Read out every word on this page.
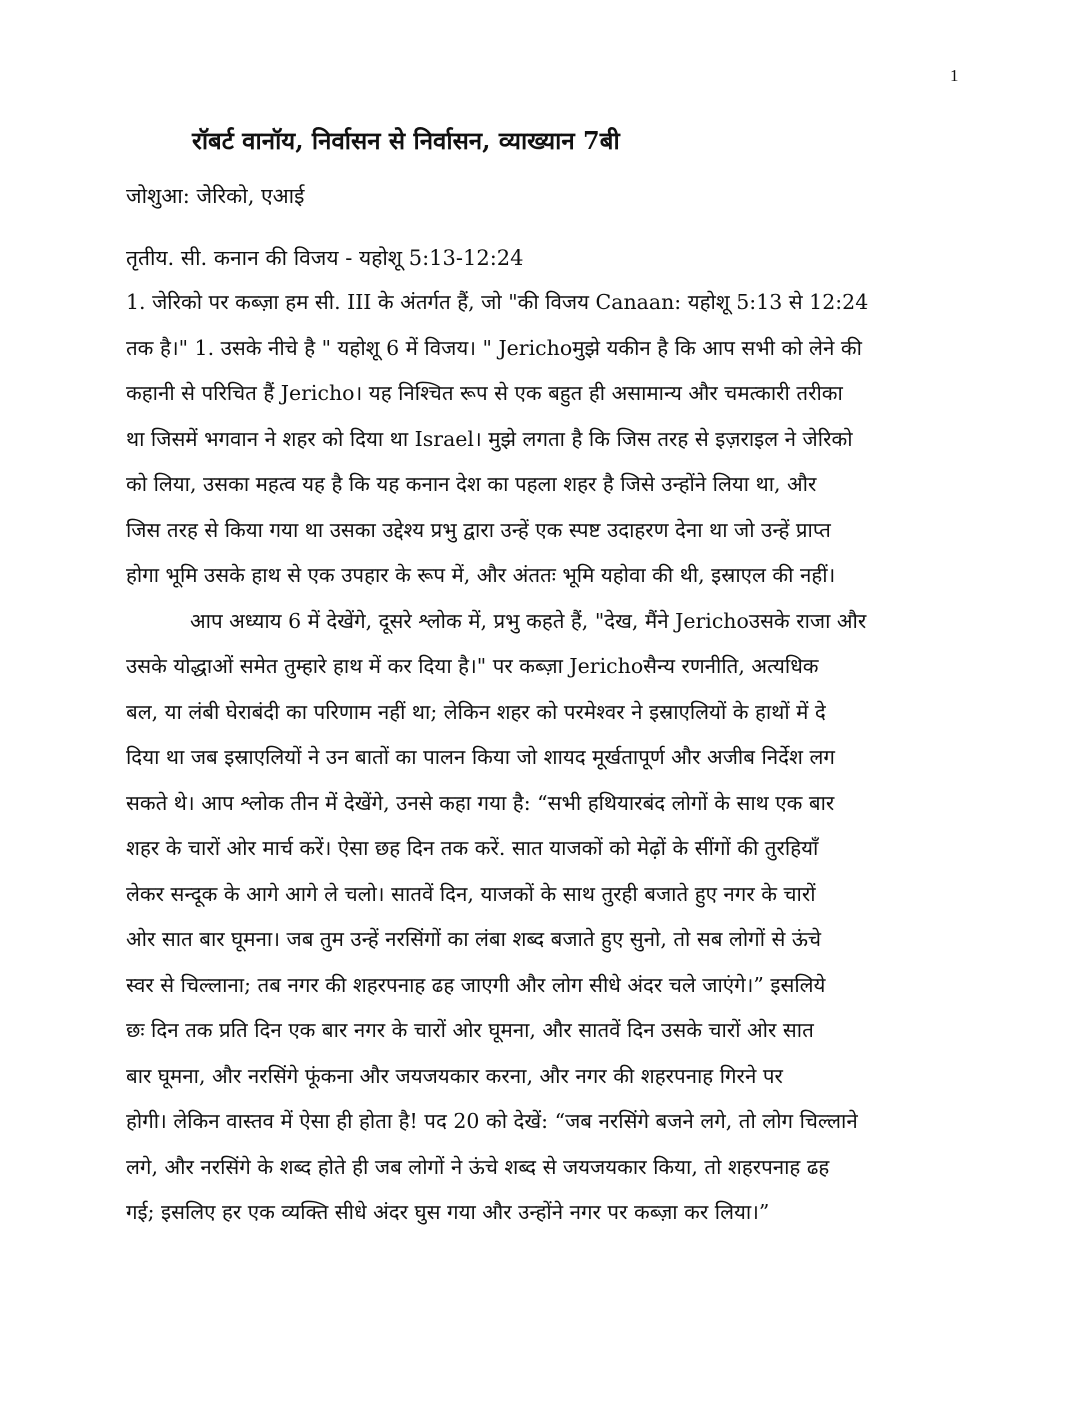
1
रॉबर्ट वानॉय, निर्वासन से निर्वासन, व्याख्यान 7बी
जोशुआ: जेरिको, एआई
तृतीय. सी. कनान की विजय - यहोशू 5:13-12:24
1. जेरिको पर कब्ज़ा हम सी. III के अंतर्गत हैं, जो "की विजय Canaan: यहोशू 5:13 से 12:24
तक है।" 1. उसके नीचे है " यहोशू 6 में विजय। " Jerichoमुझे यकीन है कि आप सभी को लेने की
कहानी से परिचित हैं Jericho। यह निश्चित रूप से एक बहुत ही असामान्य और चमत्कारी तरीका
था जिसमें भगवान ने शहर को दिया था Israel। मुझे लगता है कि जिस तरह से इज़राइल ने जेरिको
को लिया, उसका महत्व यह है कि यह कनान देश का पहला शहर है जिसे उन्होंने लिया था, और
जिस तरह से किया गया था उसका उद्देश्य प्रभु द्वारा उन्हें एक स्पष्ट उदाहरण देना था जो उन्हें प्राप्त
होगा भूमि उसके हाथ से एक उपहार के रूप में, और अंततः भूमि यहोवा की थी, इस्राएल की नहीं।
आप अध्याय 6 में देखेंगे, दूसरे श्लोक में, प्रभु कहते हैं, "देख, मैंने Jerichoउसके राजा और
उसके योद्धाओं समेत तुम्हारे हाथ में कर दिया है।" पर कब्ज़ा Jerichoसैन्य रणनीति, अत्यधिक
बल, या लंबी घेराबंदी का परिणाम नहीं था; लेकिन शहर को परमेश्वर ने इस्राएलियों के हाथों में दे
दिया था जब इस्राएलियों ने उन बातों का पालन किया जो शायद मूर्खतापूर्ण और अजीब निर्देश लग
सकते थे। आप श्लोक तीन में देखेंगे, उनसे कहा गया है: “सभी हथियारबंद लोगों के साथ एक बार
शहर के चारों ओर मार्च करें। ऐसा छह दिन तक करें. सात याजकों को मेढ़ों के सींगों की तुरहियाँ
लेकर सन्दूक के आगे आगे ले चलो। सातवें दिन, याजकों के साथ तुरही बजाते हुए नगर के चारों
ओर सात बार घूमना। जब तुम उन्हें नरसिंगों का लंबा शब्द बजाते हुए सुनो, तो सब लोगों से ऊंचे
स्वर से चिल्लाना; तब नगर की शहरपनाह ढह जाएगी और लोग सीधे अंदर चले जाएंगे।” इसलिये
छः दिन तक प्रति दिन एक बार नगर के चारों ओर घूमना, और सातवें दिन उसके चारों ओर सात
बार घूमना, और नरसिंगे फूंकना और जयजयकार करना, और नगर की शहरपनाह गिरने पर
होगी। लेकिन वास्तव में ऐसा ही होता है! पद 20 को देखें: “जब नरसिंगे बजने लगे, तो लोग चिल्लाने
लगे, और नरसिंगे के शब्द होते ही जब लोगों ने ऊंचे शब्द से जयजयकार किया, तो शहरपनाह ढह
गई; इसलिए हर एक व्यक्ति सीधे अंदर घुस गया और उन्होंने नगर पर कब्ज़ा कर लिया।”
